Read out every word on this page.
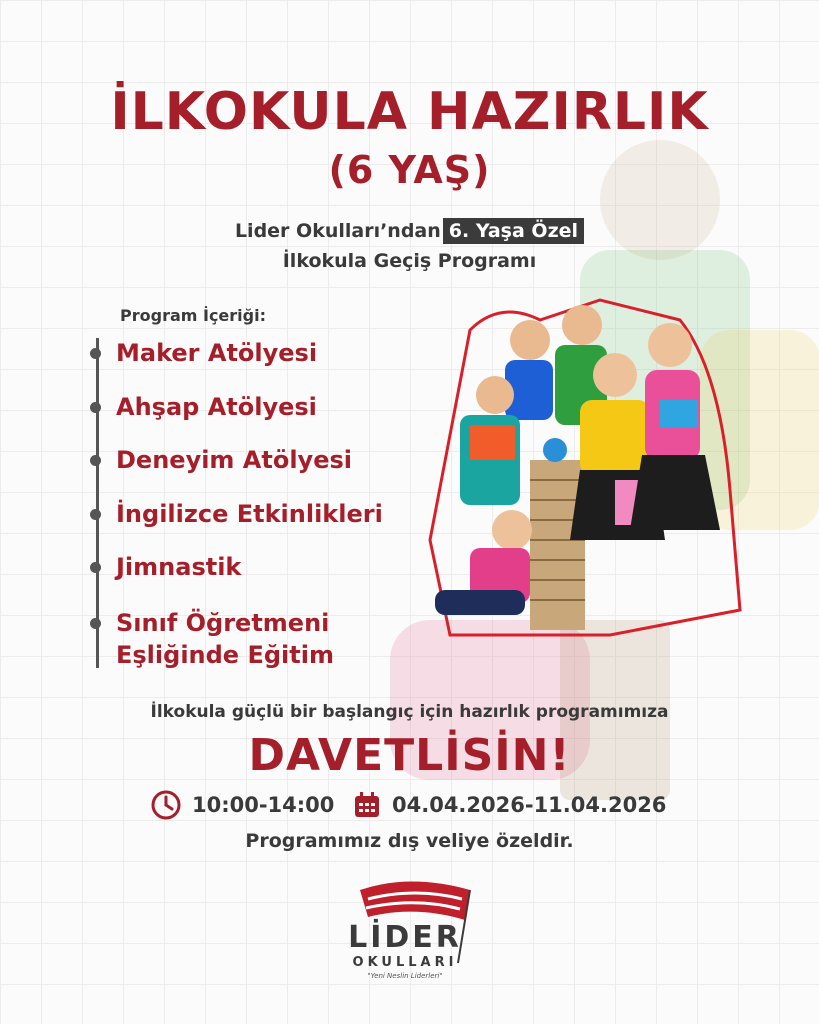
İLKOKULA HAZIRLIK
(6 YAŞ)
Lider Okulları’ndan 6. Yaşa Özel
İlkokula Geçiş Programı
Program İçeriği:
Maker Atölyesi
Ahşap Atölyesi
Deneyim Atölyesi
İngilizce Etkinlikleri
Jimnastik
Sınıf Öğretmeni
Eşliğinde Eğitim
İlkokula güçlü bir başlangıç için hazırlık programımıza
DAVETLİSİN!
10:00-14:00	04.04.2026-11.04.2026
Programımız dış veliye özeldir.
LİDER
OKULLARI
"Yeni Neslin Liderleri"
